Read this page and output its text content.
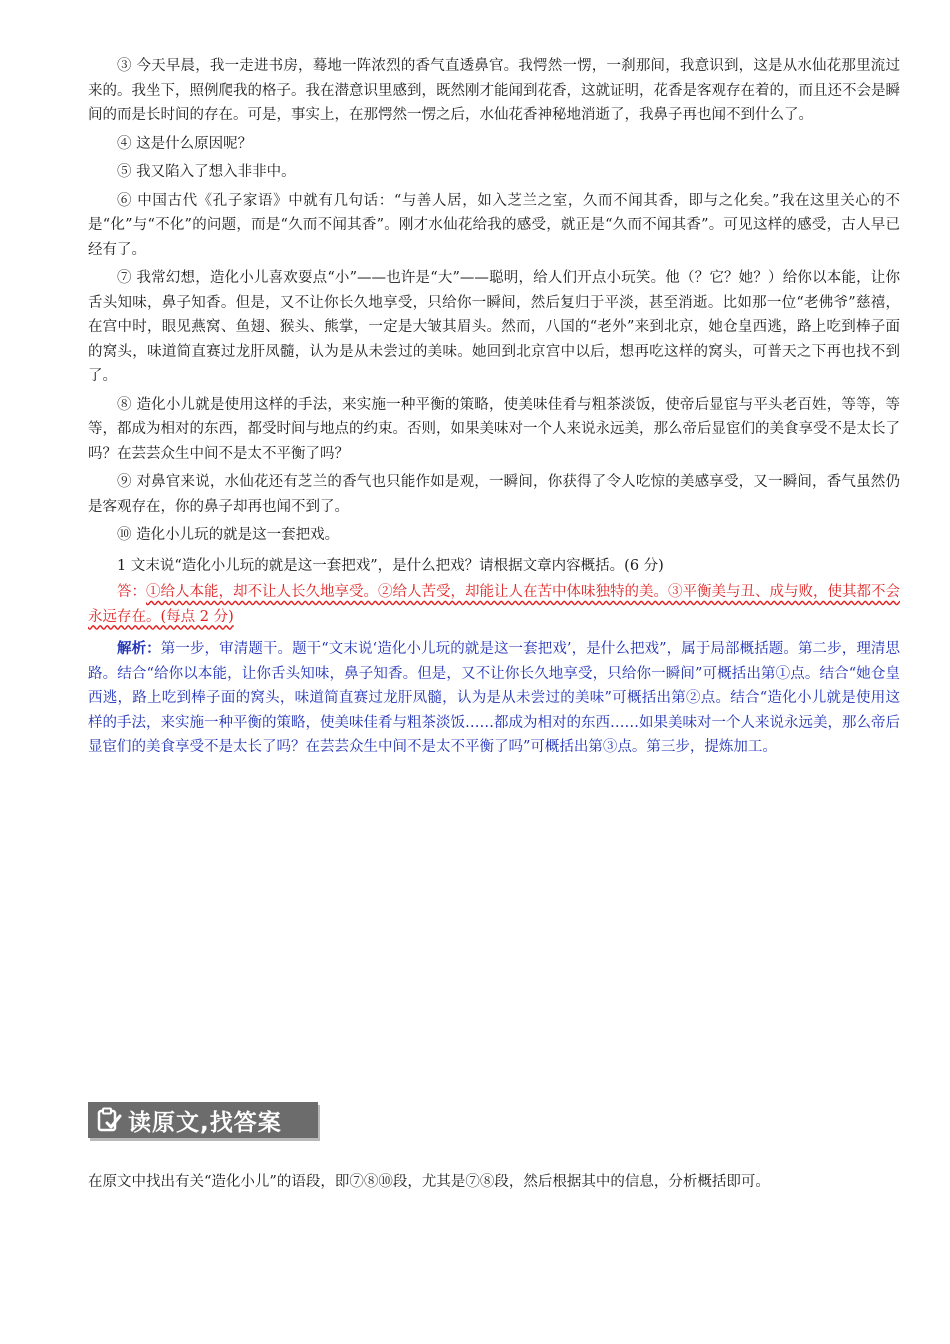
③ 今天早晨，我一走进书房，蓦地一阵浓烈的香气直透鼻官。我愕然一愣，一刹那间，我意识到，这是从水仙花那里流过来的。我坐下，照例爬我的格子。我在潜意识里感到，既然刚才能闻到花香，这就证明，花香是客观存在着的，而且还不会是瞬间的而是长时间的存在。可是，事实上，在那愕然一愣之后，水仙花香神秘地消逝了，我鼻子再也闻不到什么了。

④ 这是什么原因呢？

⑤ 我又陷入了想入非非中。

⑥ 中国古代《孔子家语》中就有几句话：“与善人居，如入芝兰之室，久而不闻其香，即与之化矣。”我在这里关心的不是“化”与“不化”的问题，而是“久而不闻其香”。刚才水仙花给我的感受，就正是“久而不闻其香”。可见这样的感受，古人早已经有了。

⑦ 我常幻想，造化小儿喜欢耍点“小”——也许是“大”——聪明，给人们开点小玩笑。他（？它？她？）给你以本能，让你舌头知味，鼻子知香。但是，又不让你长久地享受，只给你一瞬间，然后复归于平淡，甚至消逝。比如那一位“老佛爷”慈禧，在宫中时，眼见燕窝、鱼翅、猴头、熊掌，一定是大皱其眉头。然而，八国的“老外”来到北京，她仓皇西逃，路上吃到棒子面的窝头，味道简直赛过龙肝凤髓，认为是从未尝过的美味。她回到北京宫中以后，想再吃这样的窝头，可普天之下再也找不到了。

⑧ 造化小儿就是使用这样的手法，来实施一种平衡的策略，使美味佳肴与粗茶淡饭，使帝后显宦与平头老百姓，等等，等等，都成为相对的东西，都受时间与地点的约束。否则，如果美味对一个人来说永远美，那么帝后显宦们的美食享受不是太长了吗？在芸芸众生中间不是太不平衡了吗？

⑨ 对鼻官来说，水仙花还有芝兰的香气也只能作如是观，一瞬间，你获得了令人吃惊的美感享受，又一瞬间，香气虽然仍是客观存在，你的鼻子却再也闻不到了。

⑩ 造化小儿玩的就是这一套把戏。

1 文末说“造化小儿玩的就是这一套把戏”，是什么把戏？请根据文章内容概括。(6 分)

答：①给人本能，却不让人长久地享受。②给人苦受，却能让人在苦中体味独特的美。③平衡美与丑、成与败，使其都不会永远存在。(每点 2 分)

解析：第一步，审清题干。题干“文末说‘造化小儿玩的就是这一套把戏’，是什么把戏”，属于局部概括题。第二步，理清思路。结合“给你以本能，让你舌头知味，鼻子知香。但是，又不让你长久地享受，只给你一瞬间”可概括出第①点。结合“她仓皇西逃，路上吃到棒子面的窝头，味道简直赛过龙肝凤髓，认为是从未尝过的美味”可概括出第②点。结合“造化小儿就是使用这样的手法，来实施一种平衡的策略，使美味佳肴与粗茶淡饭……都成为相对的东西……如果美味对一个人来说永远美，那么帝后显宦们的美食享受不是太长了吗？在芸芸众生中间不是太不平衡了吗”可概括出第③点。第三步，提炼加工。

读原文,找答案

在原文中找出有关“造化小儿”的语段，即⑦⑧⑩段，尤其是⑦⑧段，然后根据其中的信息，分析概括即可。
